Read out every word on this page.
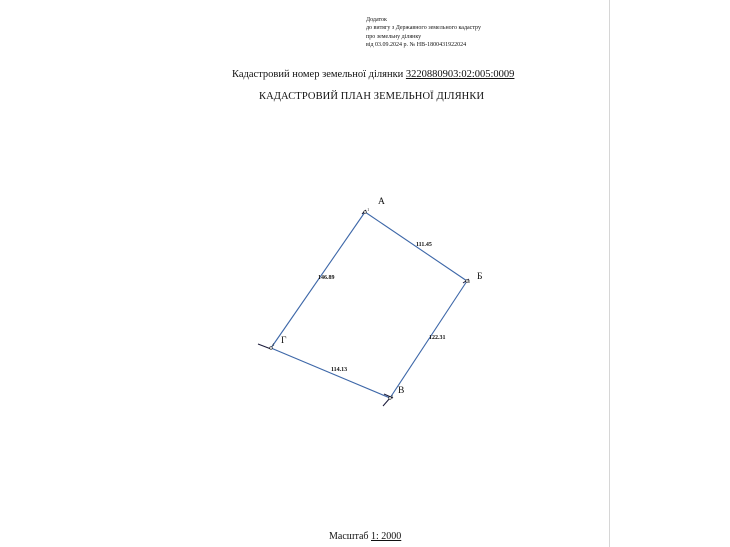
Додаток
до витягу з Державного земельного кадастру
про земельну ділянку
від 03.09.2024 р. № НВ-1800431922024
Кадастровий номер земельної ділянки 3220880903:02:005:0009
КАДАСТРОВИЙ ПЛАН ЗЕМЕЛЬНОЇ ДІЛЯНКИ
А
Б
В
Г
1
2
3
4
111.45
122.31
114.13
146.89
Масштаб 1: 2000
